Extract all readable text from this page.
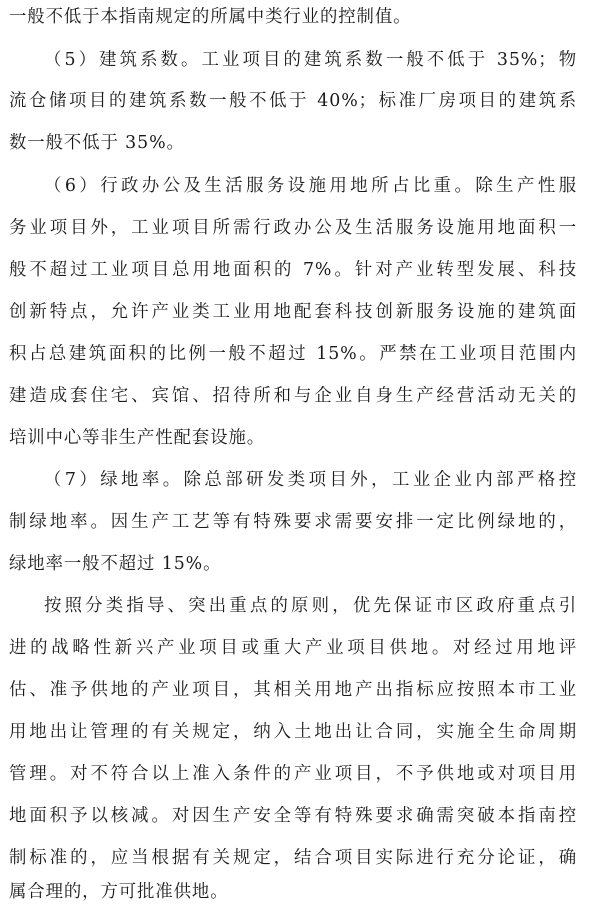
一般不低于本指南规定的所属中类行业的控制值。
（5）建筑系数。工业项目的建筑系数一般不低于 35%；物
流仓储项目的建筑系数一般不低于 40%；标准厂房项目的建筑系
数一般不低于 35%。
（6）行政办公及生活服务设施用地所占比重。除生产性服
务业项目外，工业项目所需行政办公及生活服务设施用地面积一
般不超过工业项目总用地面积的 7%。针对产业转型发展、科技
创新特点，允许产业类工业用地配套科技创新服务设施的建筑面
积占总建筑面积的比例一般不超过 15%。严禁在工业项目范围内
建造成套住宅、宾馆、招待所和与企业自身生产经营活动无关的
培训中心等非生产性配套设施。
（7）绿地率。除总部研发类项目外，工业企业内部严格控
制绿地率。因生产工艺等有特殊要求需要安排一定比例绿地的，
绿地率一般不超过 15%。
按照分类指导、突出重点的原则，优先保证市区政府重点引
进的战略性新兴产业项目或重大产业项目供地。对经过用地评
估、准予供地的产业项目，其相关用地产出指标应按照本市工业
用地出让管理的有关规定，纳入土地出让合同，实施全生命周期
管理。对不符合以上准入条件的产业项目，不予供地或对项目用
地面积予以核减。对因生产安全等有特殊要求确需突破本指南控
制标准的，应当根据有关规定，结合项目实际进行充分论证，确
属合理的，方可批准供地。
